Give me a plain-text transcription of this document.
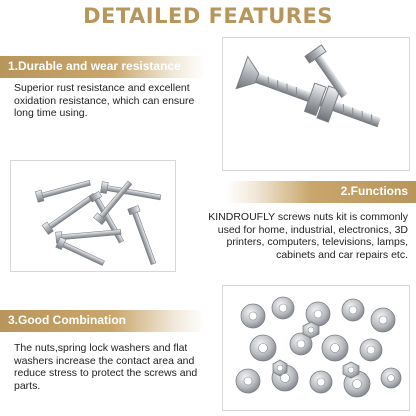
DETAILED FEATURES
1.Durable and wear resistance
Superior rust resistance and excellent
oxidation resistance, which can ensure
long time using.
2.Functions
KINDROUFLY screws nuts kit is commonly
used for home, industrial, electronics, 3D
printers, computers, televisions, lamps,
cabinets and car repairs etc.
3.Good Combination
The nuts,spring lock washers and flat
washers increase the contact area and
reduce stress to protect the screws and
parts.
